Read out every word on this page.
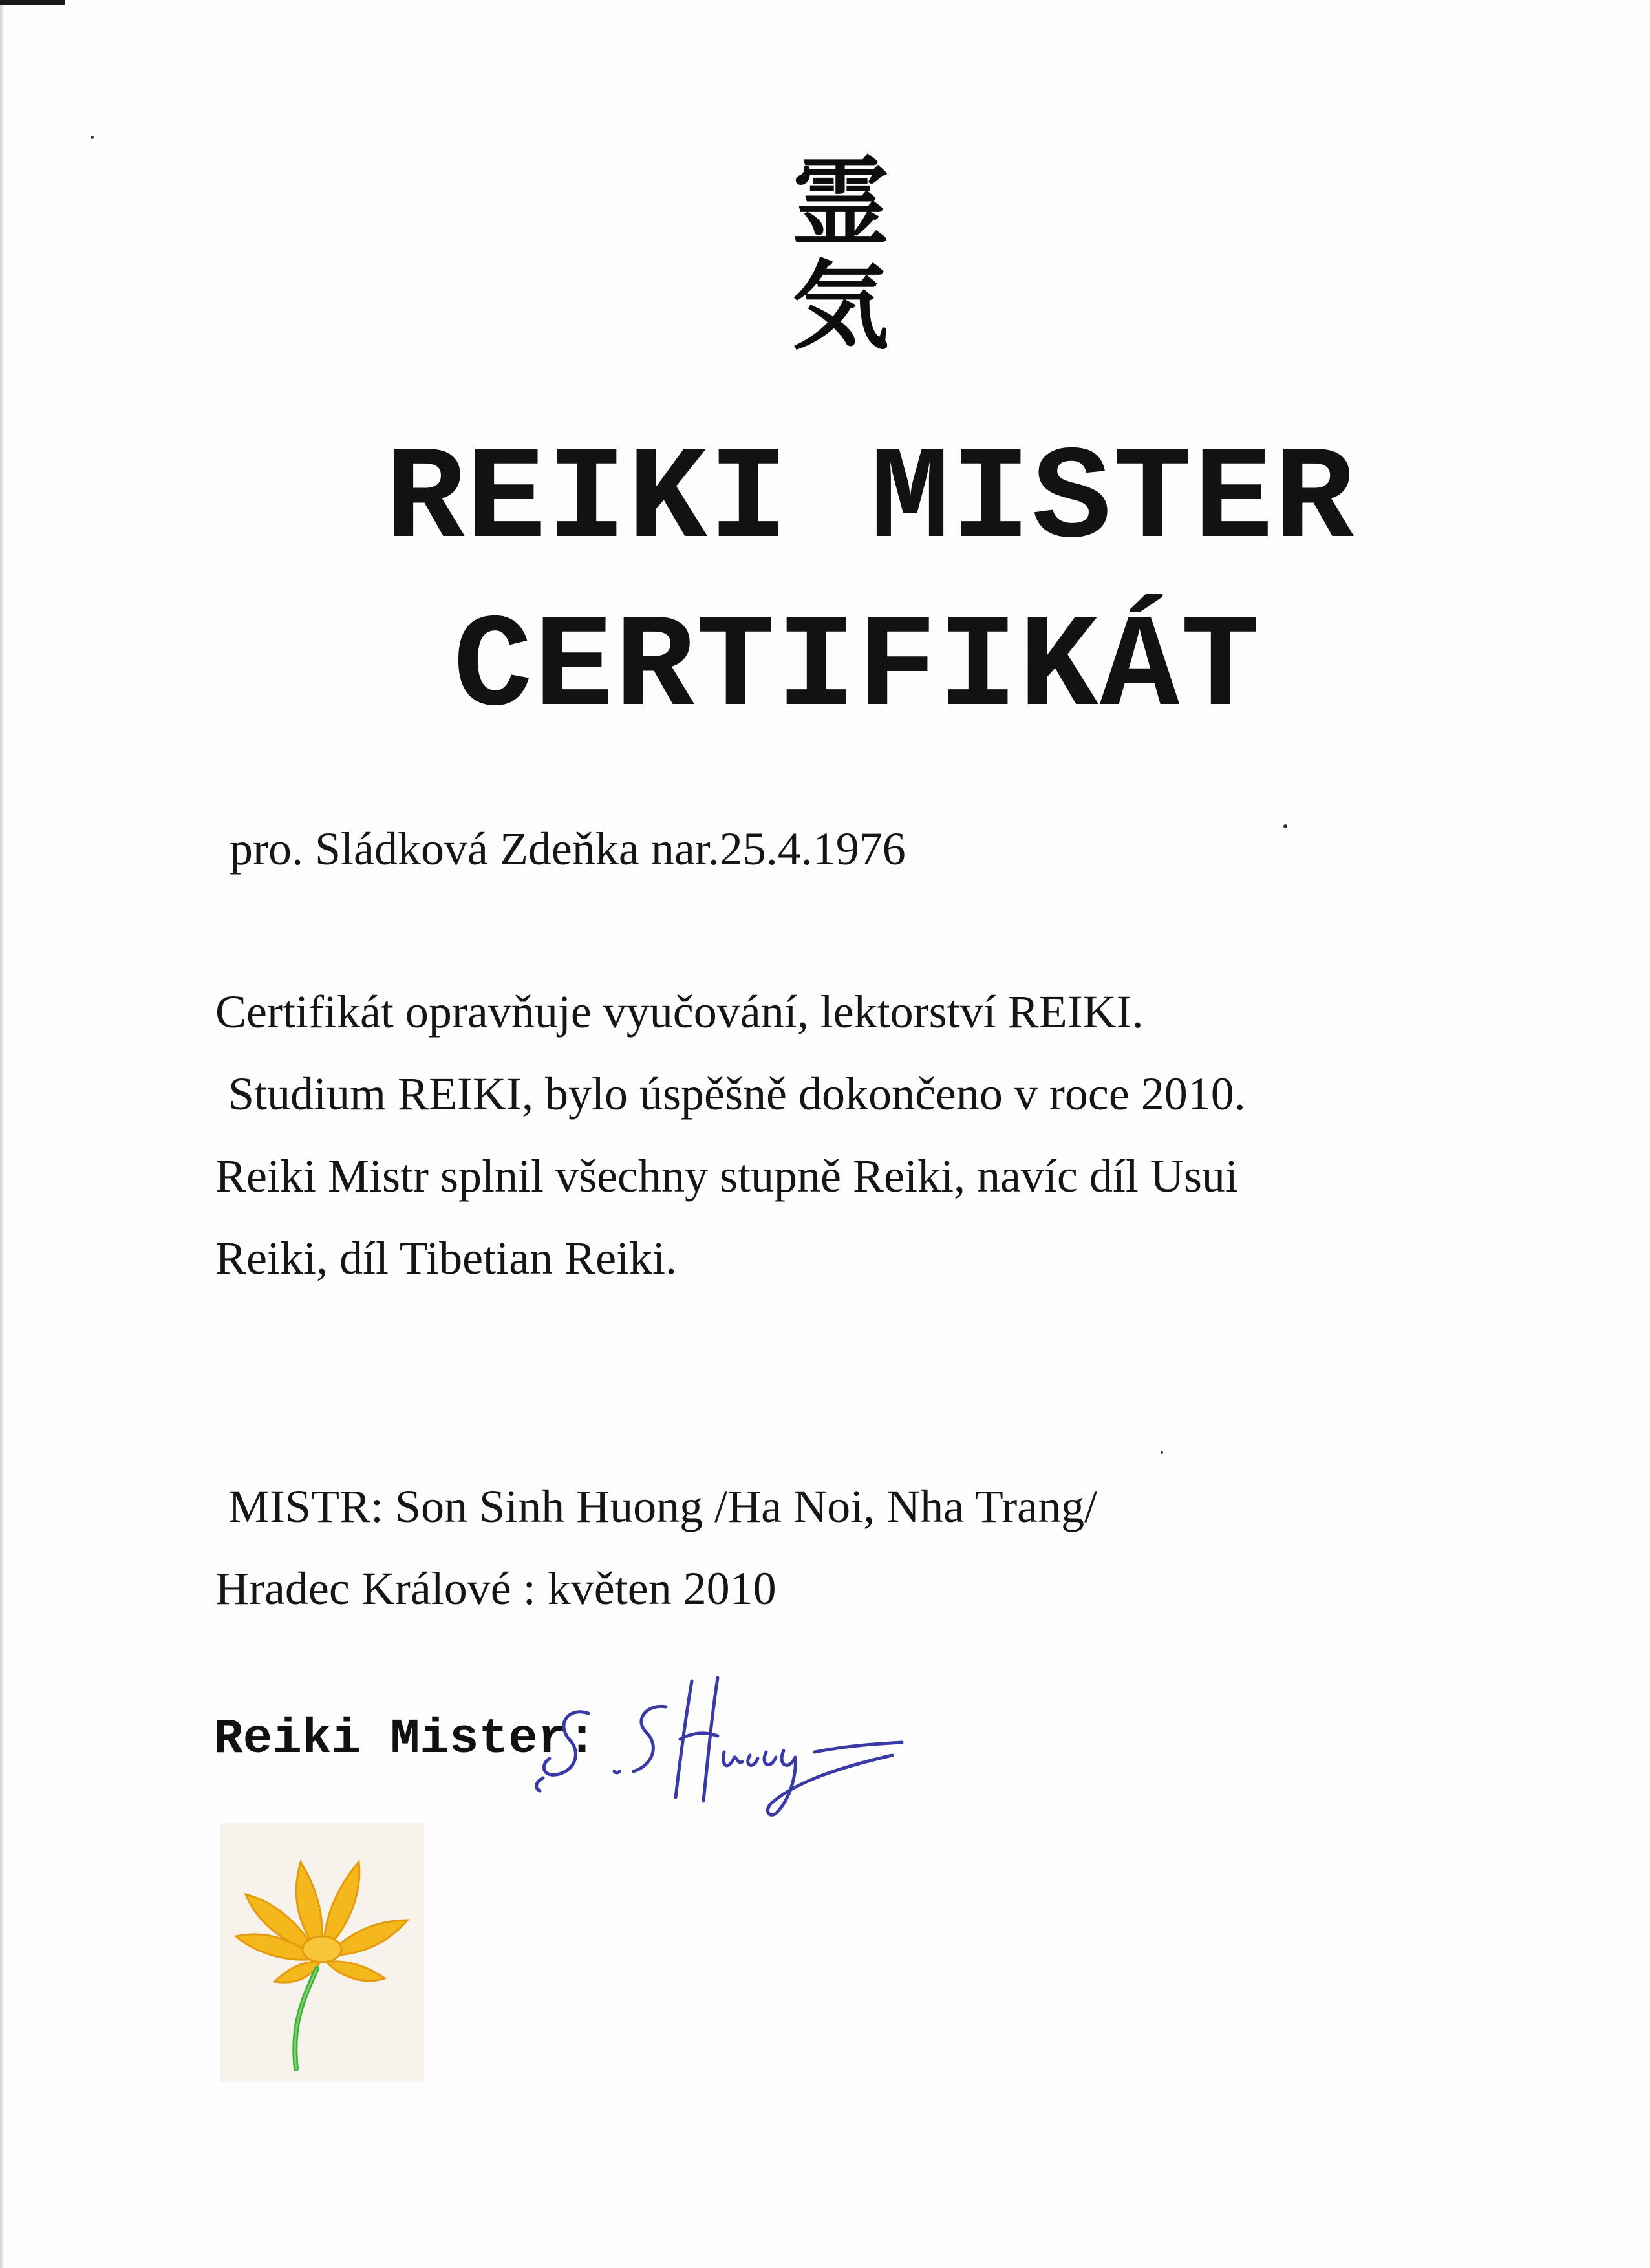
霊
気
REIKI MISTER
CERTIFIKÁT
pro. Sládková Zdeňka nar.25.4.1976
Certifikát opravňuje vyučování, lektorství REIKI.
Studium REIKI, bylo úspěšně dokončeno v roce 2010.
Reiki Mistr splnil všechny stupně Reiki, navíc díl Usui
Reiki, díl Tibetian Reiki.
MISTR: Son Sinh Huong /Ha Noi, Nha Trang/
Hradec Králové : květen 2010
Reiki Mister:
